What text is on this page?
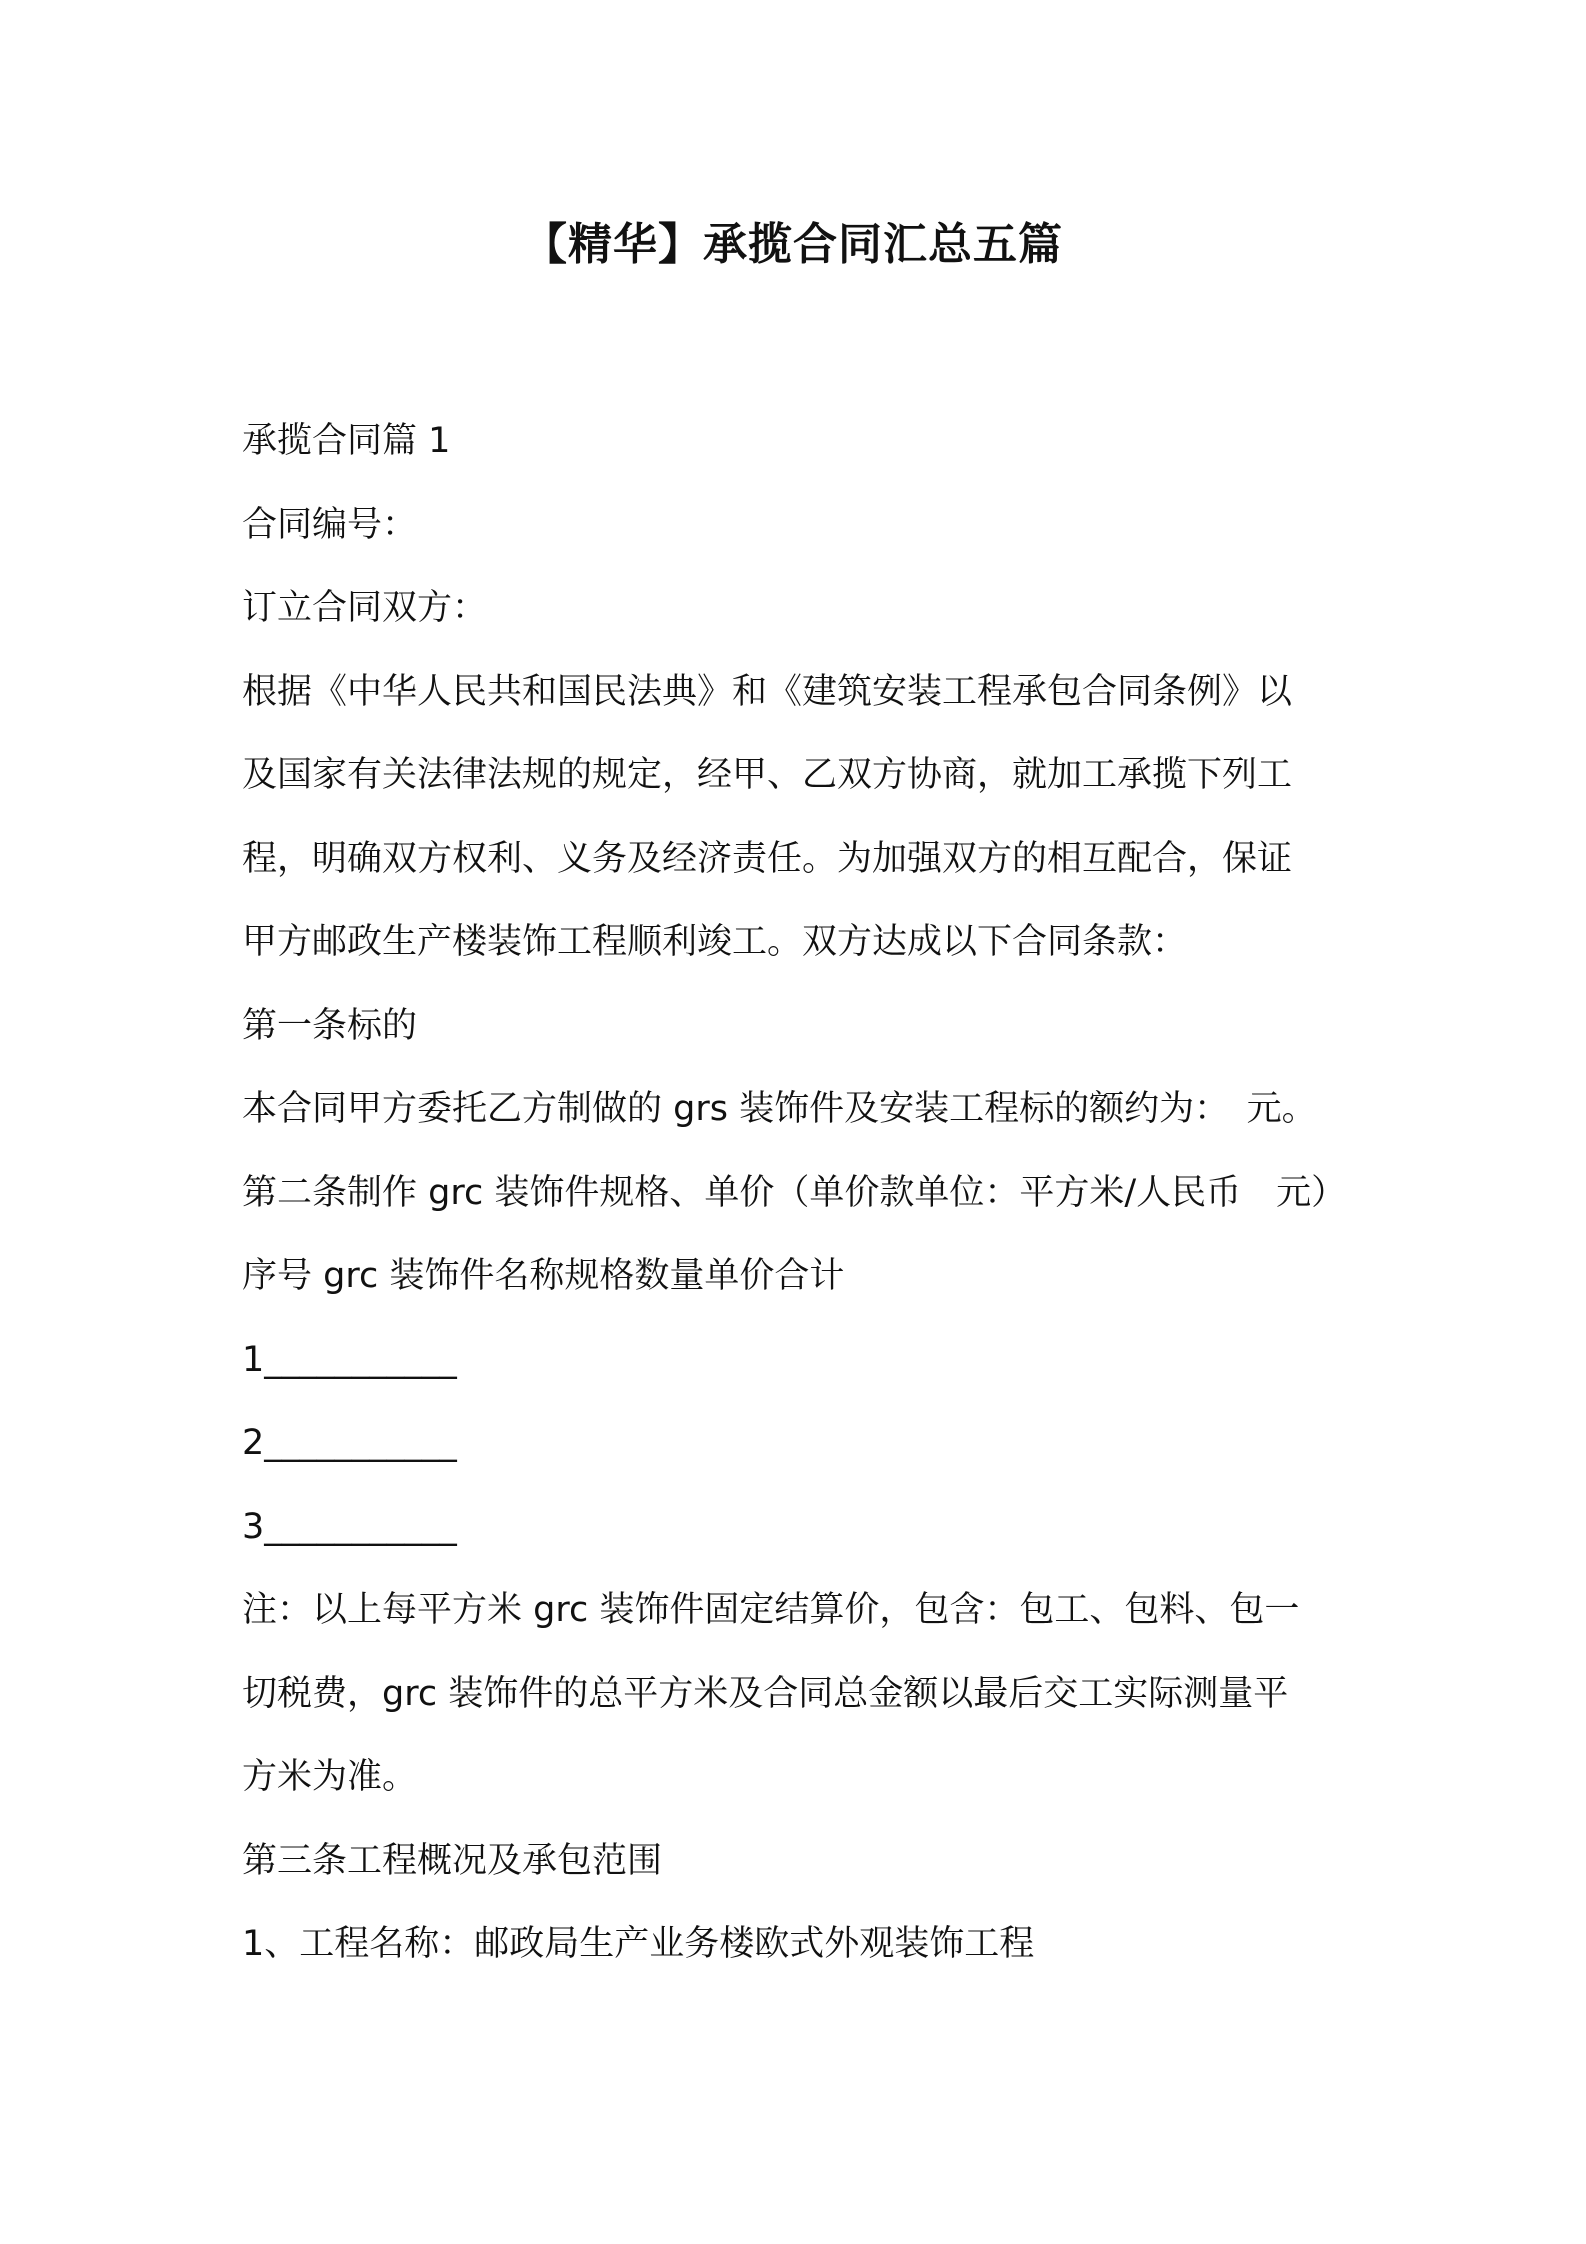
【精华】承揽合同汇总五篇
承揽合同篇 1
合同编号：
订立合同双方：
根据《中华人民共和国民法典》和《建筑安装工程承包合同条例》以
及国家有关法律法规的规定，经甲、乙双方协商，就加工承揽下列工
程，明确双方权利、义务及经济责任。为加强双方的相互配合，保证
甲方邮政生产楼装饰工程顺利竣工。双方达成以下合同条款：
第一条标的
本合同甲方委托乙方制做的 grs 装饰件及安装工程标的额约为：　元。
第二条制作 grc 装饰件规格、单价（单价款单位：平方米/人民币　元）
序号 grc 装饰件名称规格数量单价合计
1___________
2___________
3___________
注：以上每平方米 grc 装饰件固定结算价，包含：包工、包料、包一
切税费，grc 装饰件的总平方米及合同总金额以最后交工实际测量平
方米为准。
第三条工程概况及承包范围
1、工程名称：邮政局生产业务楼欧式外观装饰工程
